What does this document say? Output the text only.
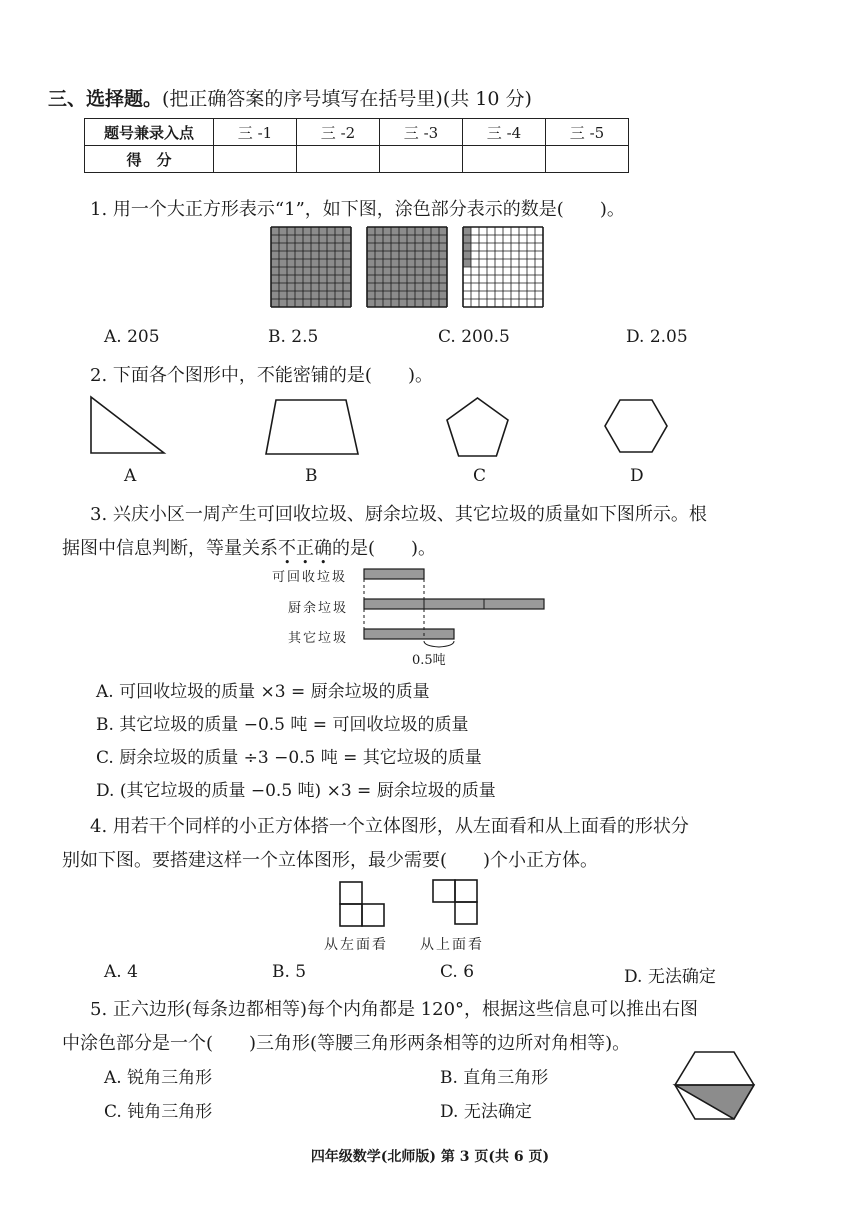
三、选择题。(把正确答案的序号填写在括号里)(共 10 分)
题号兼录入点	三 -1	三 -2	三 -3	三 -4	三 -5
得　分					
1. 用一个大正方形表示“1”，如下图，涂色部分表示的数是( )。
A. 205	B. 2.5	C. 200.5	D. 2.05
2. 下面各个图形中，不能密铺的是( )。
A	B	C	D
3. 兴庆小区一周产生可回收垃圾、厨余垃圾、其它垃圾的质量如下图所示。根
据图中信息判断，等量关系不正确的是( )。
• • •
可回收垃圾
厨余垃圾
其它垃圾
0.5吨
A. 可回收垃圾的质量 ×3 = 厨余垃圾的质量
B. 其它垃圾的质量 −0.5 吨 = 可回收垃圾的质量
C. 厨余垃圾的质量 ÷3 −0.5 吨 = 其它垃圾的质量
D. (其它垃圾的质量 −0.5 吨) ×3 = 厨余垃圾的质量
4. 用若干个同样的小正方体搭一个立体图形，从左面看和从上面看的形状分
别如下图。要搭建这样一个立体图形，最少需要( )个小正方体。
从左面看 从上面看
A. 4	B. 5	C. 6	D. 无法确定
5. 正六边形(每条边都相等)每个内角都是 120°，根据这些信息可以推出右图
中涂色部分是一个( )三角形(等腰三角形两条相等的边所对角相等)。
A. 锐角三角形	B. 直角三角形
C. 钝角三角形	D. 无法确定
四年级数学(北师版) 第 3 页(共 6 页)
